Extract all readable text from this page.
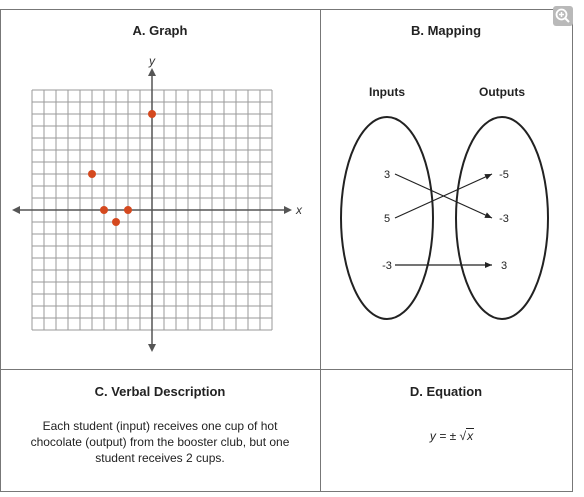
x
y
Inputs	Outputs
3
5
-3
-5
-3
3
A. Graph	B. Mapping
C. Verbal Description	D. Equation
Each student (input) receives one cup of hot chocolate (output) from the booster club, but one student receives 2 cups.
y = ± √x
